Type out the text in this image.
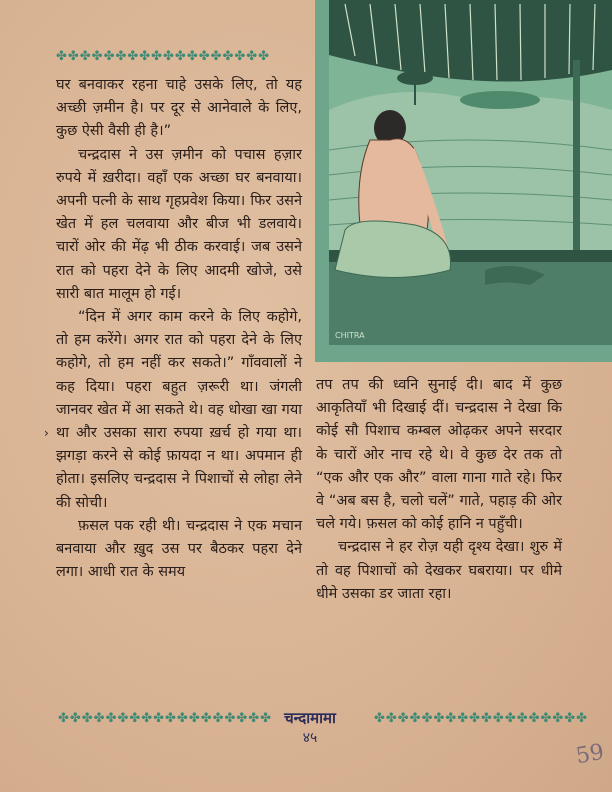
✤✤✤✤✤✤✤✤✤✤✤✤✤✤✤✤✤✤
CHITRA

घर बनवाकर रहना चाहे उसके लिए, तो यह अच्छी ज़मीन है। पर दूर से आनेवाले के लिए, कुछ ऐसी वैसी ही है।”

चन्द्रदास ने उस ज़मीन को पचास हज़ार रुपये में ख़रीदा। वहाँ एक अच्छा घर बनवाया। अपनी पत्नी के साथ गृहप्रवेश किया। फिर उसने खेत में हल चलवाया और बीज भी डलवाये। चारों ओर की मेंढ़ भी ठीक करवाई। जब उसने रात को पहरा देने के लिए आदमी खोजे, उसे सारी बात मालूम हो गई।

“दिन में अगर काम करने के लिए कहोगे, तो हम करेंगे। अगर रात को पहरा देने के लिए कहोगे, तो हम नहीं कर सकते।” गाँववालों ने कह दिया। पहरा बहुत ज़रूरी था। जंगली जानवर खेत में आ सकते थे। वह धोखा खा गया था और उसका सारा रुपया ख़र्च हो गया था। झगड़ा करने से कोई फ़ायदा न था। अपमान ही होता। इसलिए चन्द्रदास ने पिशाचों से लोहा लेने की सोची।

फ़सल पक रही थी। चन्द्रदास ने एक मचान बनवाया और ख़ुद उस पर बैठकर पहरा देने लगा। आधी रात के समय

›

तप तप की ध्वनि सुनाई दी। बाद में कुछ आकृतियाँ भी दिखाई दीं। चन्द्रदास ने देखा कि कोई सौ पिशाच कम्बल ओढ़कर अपने सरदार के चारों ओर नाच रहे थे। वे कुछ देर तक तो “एक और एक और” वाला गाना गाते रहे। फिर वे “अब बस है, चलो चलें” गाते, पहाड़ की ओर चले गये। फ़सल को कोई हानि न पहुँची।

चन्द्रदास ने हर रोज़ यही दृश्य देखा। शुरु में तो वह पिशाचों को देखकर घबराया। पर धीमे धीमे उसका डर जाता रहा।

✤✤✤✤✤✤✤✤✤✤✤✤✤✤✤✤✤✤	✤✤✤✤✤✤✤✤✤✤✤✤✤✤✤✤✤✤
चन्दामामा
४५
59
